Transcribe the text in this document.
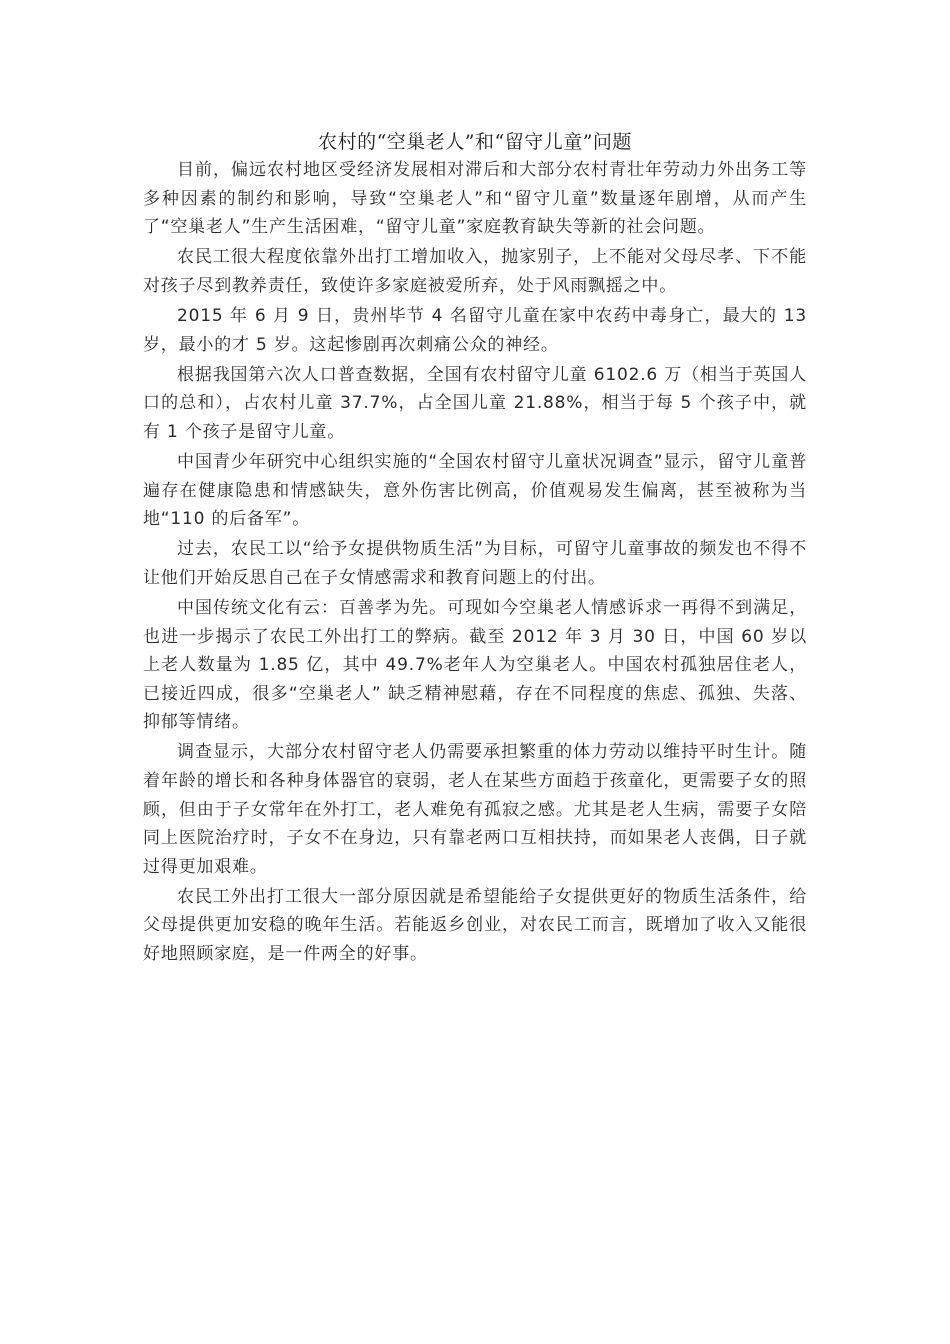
农村的“空巢老人”和“留守儿童”问题

目前，偏远农村地区受经济发展相对滞后和大部分农村青壮年劳动力外出务工等多种因素的制约和影响，导致“空巢老人”和“留守儿童”数量逐年剧增，从而产生了“空巢老人”生产生活困难，“留守儿童”家庭教育缺失等新的社会问题。

农民工很大程度依靠外出打工增加收入，抛家别子，上不能对父母尽孝、下不能对孩子尽到教养责任，致使许多家庭被爱所弃，处于风雨飘摇之中。

2015 年 6 月 9 日，贵州毕节 4 名留守儿童在家中农药中毒身亡，最大的 13 岁，最小的才 5 岁。这起惨剧再次刺痛公众的神经。

根据我国第六次人口普查数据，全国有农村留守儿童 6102.6 万（相当于英国人口的总和），占农村儿童 37.7%，占全国儿童 21.88%，相当于每 5 个孩子中，就有 1 个孩子是留守儿童。

中国青少年研究中心组织实施的“全国农村留守儿童状况调查”显示，留守儿童普遍存在健康隐患和情感缺失，意外伤害比例高，价值观易发生偏离，甚至被称为当地“110 的后备军”。

过去，农民工以“给予女提供物质生活”为目标，可留守儿童事故的频发也不得不让他们开始反思自己在子女情感需求和教育问题上的付出。

中国传统文化有云：百善孝为先。可现如今空巢老人情感诉求一再得不到满足，也进一步揭示了农民工外出打工的弊病。截至 2012 年 3 月 30 日，中国 60 岁以上老人数量为 1.85 亿，其中 49.7%老年人为空巢老人。中国农村孤独居住老人，已接近四成，很多“空巢老人” 缺乏精神慰藉，存在不同程度的焦虑、孤独、失落、抑郁等情绪。

调查显示，大部分农村留守老人仍需要承担繁重的体力劳动以维持平时生计。随着年龄的增长和各种身体器官的衰弱，老人在某些方面趋于孩童化，更需要子女的照顾，但由于子女常年在外打工，老人难免有孤寂之感。尤其是老人生病，需要子女陪同上医院治疗时，子女不在身边，只有靠老两口互相扶持，而如果老人丧偶，日子就过得更加艰难。

农民工外出打工很大一部分原因就是希望能给子女提供更好的物质生活条件，给父母提供更加安稳的晚年生活。若能返乡创业，对农民工而言，既增加了收入又能很好地照顾家庭，是一件两全的好事。
